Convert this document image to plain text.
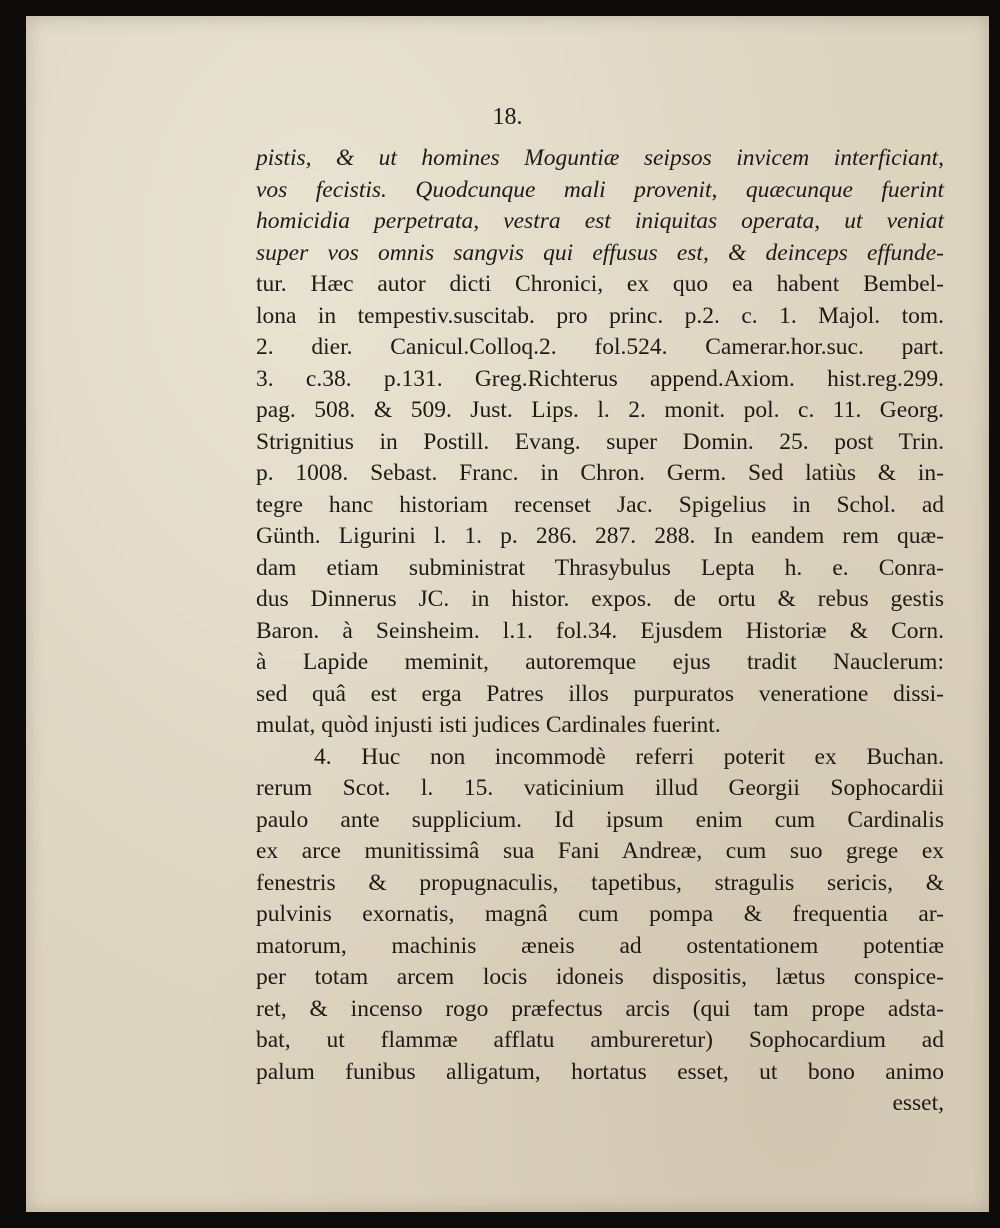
18.
pistis, & ut homines Moguntiæ seipsos invicem interficiant,
vos fecistis. Quodcunque mali provenit, quæcunque fuerint
homicidia perpetrata, vestra est iniquitas operata, ut veniat
super vos omnis sangvis qui effusus est, & deinceps effunde-
tur. Hæc autor dicti Chronici, ex quo ea habent Bembel-
lona in tempestiv.suscitab. pro princ. p.2. c. 1. Majol. tom.
2. dier. Canicul.Colloq.2. fol.524. Camerar.hor.suc. part.
3. c.38. p.131. Greg.Richterus append.Axiom. hist.reg.299.
pag. 508. & 509. Just. Lips. l. 2. monit. pol. c. 11. Georg.
Strignitius in Postill. Evang. super Domin. 25. post Trin.
p. 1008. Sebast. Franc. in Chron. Germ. Sed latiùs & in-
tegre hanc historiam recenset Jac. Spigelius in Schol. ad
Günth. Ligurini l. 1. p. 286. 287. 288. In eandem rem quæ-
dam etiam subministrat Thrasybulus Lepta h. e. Conra-
dus Dinnerus JC. in histor. expos. de ortu & rebus gestis
Baron. à Seinsheim. l.1. fol.34. Ejusdem Historiæ & Corn.
à Lapide meminit, autoremque ejus tradit Nauclerum:
sed quâ est erga Patres illos purpuratos veneratione dissi-
mulat, quòd injusti isti judices Cardinales fuerint.
4. Huc non incommodè referri poterit ex Buchan.
rerum Scot. l. 15. vaticinium illud Georgii Sophocardii
paulo ante supplicium. Id ipsum enim cum Cardinalis
ex arce munitissimâ sua Fani Andreæ, cum suo grege ex
fenestris & propugnaculis, tapetibus, stragulis sericis, &
pulvinis exornatis, magnâ cum pompa & frequentia ar-
matorum, machinis æneis ad ostentationem potentiæ
per totam arcem locis idoneis dispositis, lætus conspice-
ret, & incenso rogo præfectus arcis (qui tam prope adsta-
bat, ut flammæ afflatu ambureretur) Sophocardium ad
palum funibus alligatum, hortatus esset, ut bono animo
esset,
